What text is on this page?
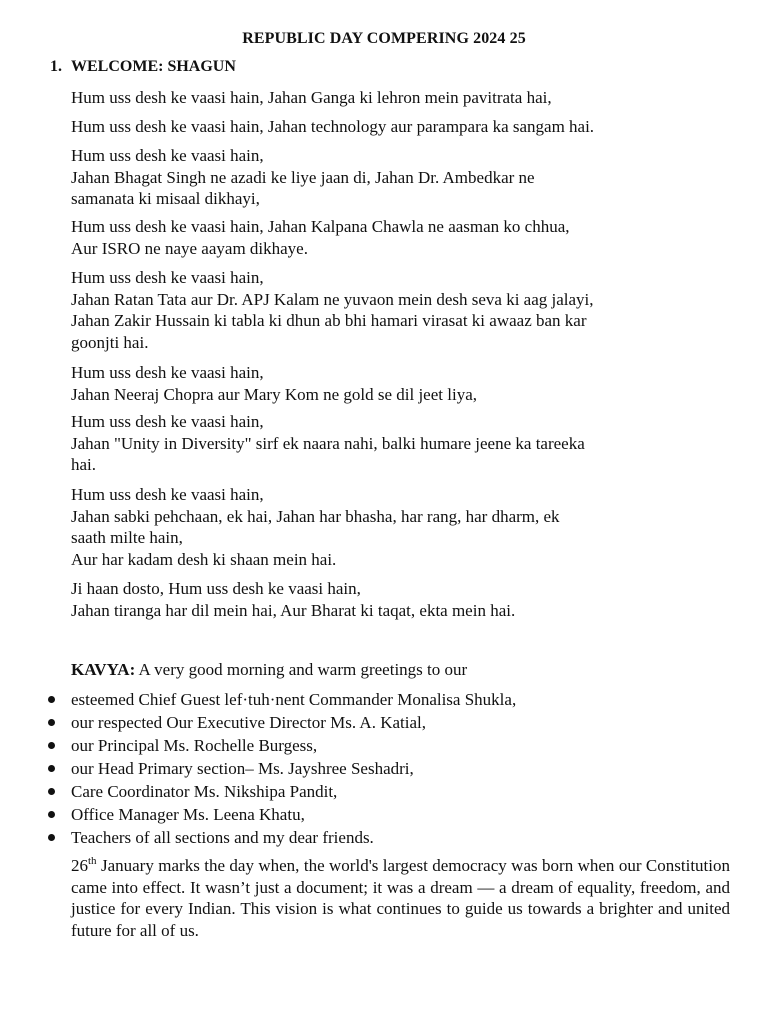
REPUBLIC DAY COMPERING 2024 25
1. WELCOME: SHAGUN

Hum uss desh ke vaasi hain, Jahan Ganga ki lehron mein pavitrata hai,

Hum uss desh ke vaasi hain, Jahan technology aur parampara ka sangam hai.

Hum uss desh ke vaasi hain,
Jahan Bhagat Singh ne azadi ke liye jaan di, Jahan Dr. Ambedkar ne
samanata ki misaal dikhayi,

Hum uss desh ke vaasi hain, Jahan Kalpana Chawla ne aasman ko chhua,
Aur ISRO ne naye aayam dikhaye.

Hum uss desh ke vaasi hain,
Jahan Ratan Tata aur Dr. APJ Kalam ne yuvaon mein desh seva ki aag jalayi,
Jahan Zakir Hussain ki tabla ki dhun ab bhi hamari virasat ki awaaz ban kar
goonjti hai.

Hum uss desh ke vaasi hain,
Jahan Neeraj Chopra aur Mary Kom ne gold se dil jeet liya,

Hum uss desh ke vaasi hain,
Jahan "Unity in Diversity" sirf ek naara nahi, balki humare jeene ka tareeka
hai.

Hum uss desh ke vaasi hain,
Jahan sabki pehchaan, ek hai, Jahan har bhasha, har rang, har dharm, ek
saath milte hain,
Aur har kadam desh ki shaan mein hai.

Ji haan dosto, Hum uss desh ke vaasi hain,
Jahan tiranga har dil mein hai, Aur Bharat ki taqat, ekta mein hai.

KAVYA: A very good morning and warm greetings to our
esteemed Chief Guest lef·tuh·nent Commander Monalisa Shukla,
our respected Our Executive Director Ms. A. Katial,
our Principal Ms. Rochelle Burgess,
our Head Primary section– Ms. Jayshree Seshadri,
Care Coordinator Ms. Nikshipa Pandit,
Office Manager Ms. Leena Khatu,
Teachers of all sections and my dear friends.

26th January marks the day when, the world's largest democracy was born when our Constitution came into effect. It wasn’t just a document; it was a dream — a dream of equality, freedom, and justice for every Indian. This vision is what continues to guide us towards a brighter and united future for all of us.
